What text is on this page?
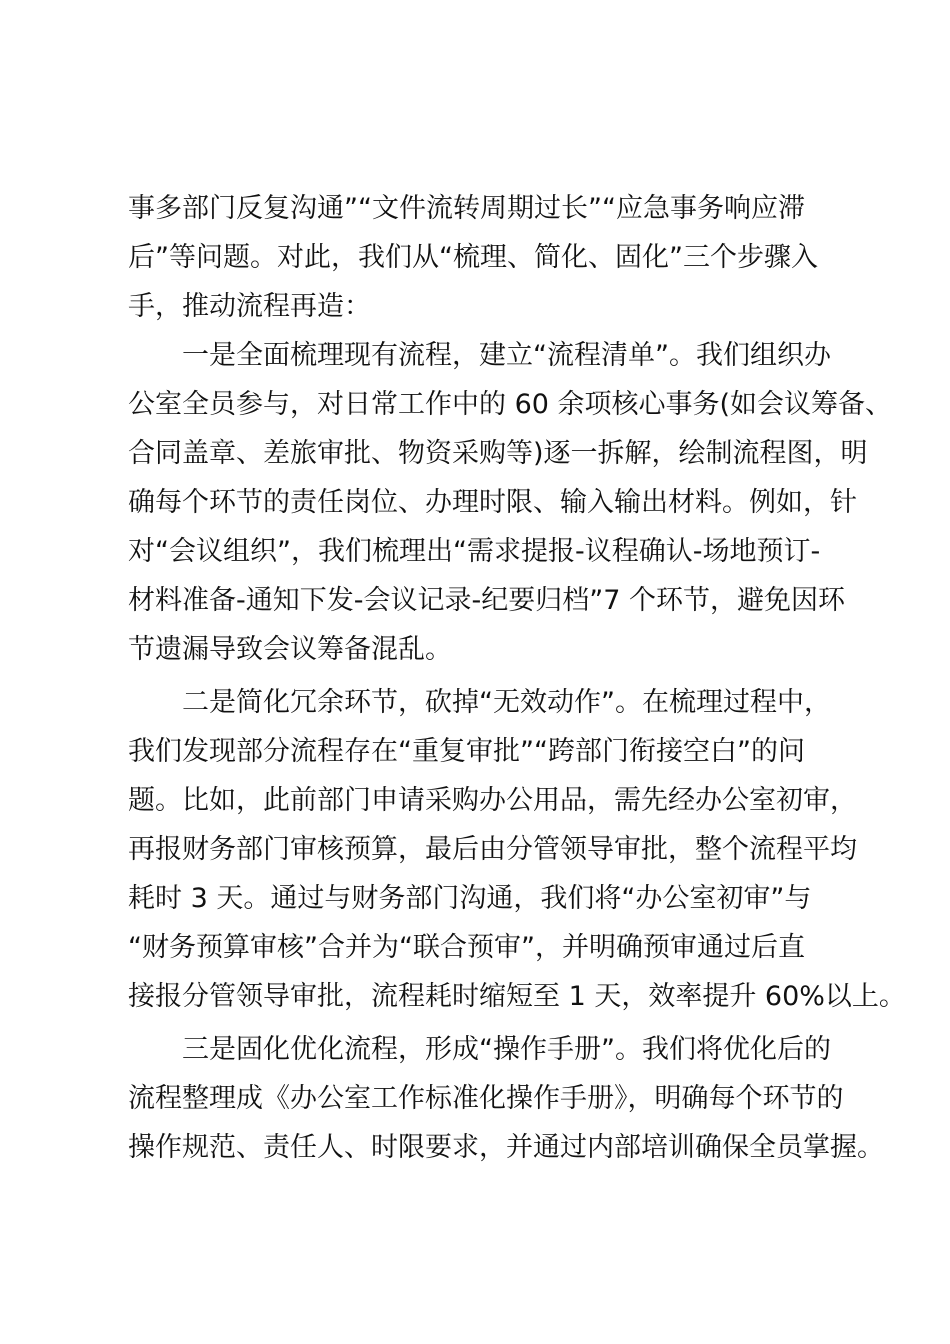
事多部门反复沟通”“文件流转周期过长”“应急事务响应滞
后”等问题。对此，我们从“梳理、简化、固化”三个步骤入
手，推动流程再造：
一是全面梳理现有流程，建立“流程清单”。我们组织办
公室全员参与，对日常工作中的 60 余项核心事务(如会议筹备、
合同盖章、差旅审批、物资采购等)逐一拆解，绘制流程图，明
确每个环节的责任岗位、办理时限、输入输出材料。例如，针
对“会议组织”，我们梳理出“需求提报-议程确认-场地预订-
材料准备-通知下发-会议记录-纪要归档”7 个环节，避免因环
节遗漏导致会议筹备混乱。
二是简化冗余环节，砍掉“无效动作”。在梳理过程中，
我们发现部分流程存在“重复审批”“跨部门衔接空白”的问
题。比如，此前部门申请采购办公用品，需先经办公室初审，
再报财务部门审核预算，最后由分管领导审批，整个流程平均
耗时 3 天。通过与财务部门沟通，我们将“办公室初审”与
“财务预算审核”合并为“联合预审”，并明确预审通过后直
接报分管领导审批，流程耗时缩短至 1 天，效率提升 60%以上。
三是固化优化流程，形成“操作手册”。我们将优化后的
流程整理成《办公室工作标准化操作手册》，明确每个环节的
操作规范、责任人、时限要求，并通过内部培训确保全员掌握。
